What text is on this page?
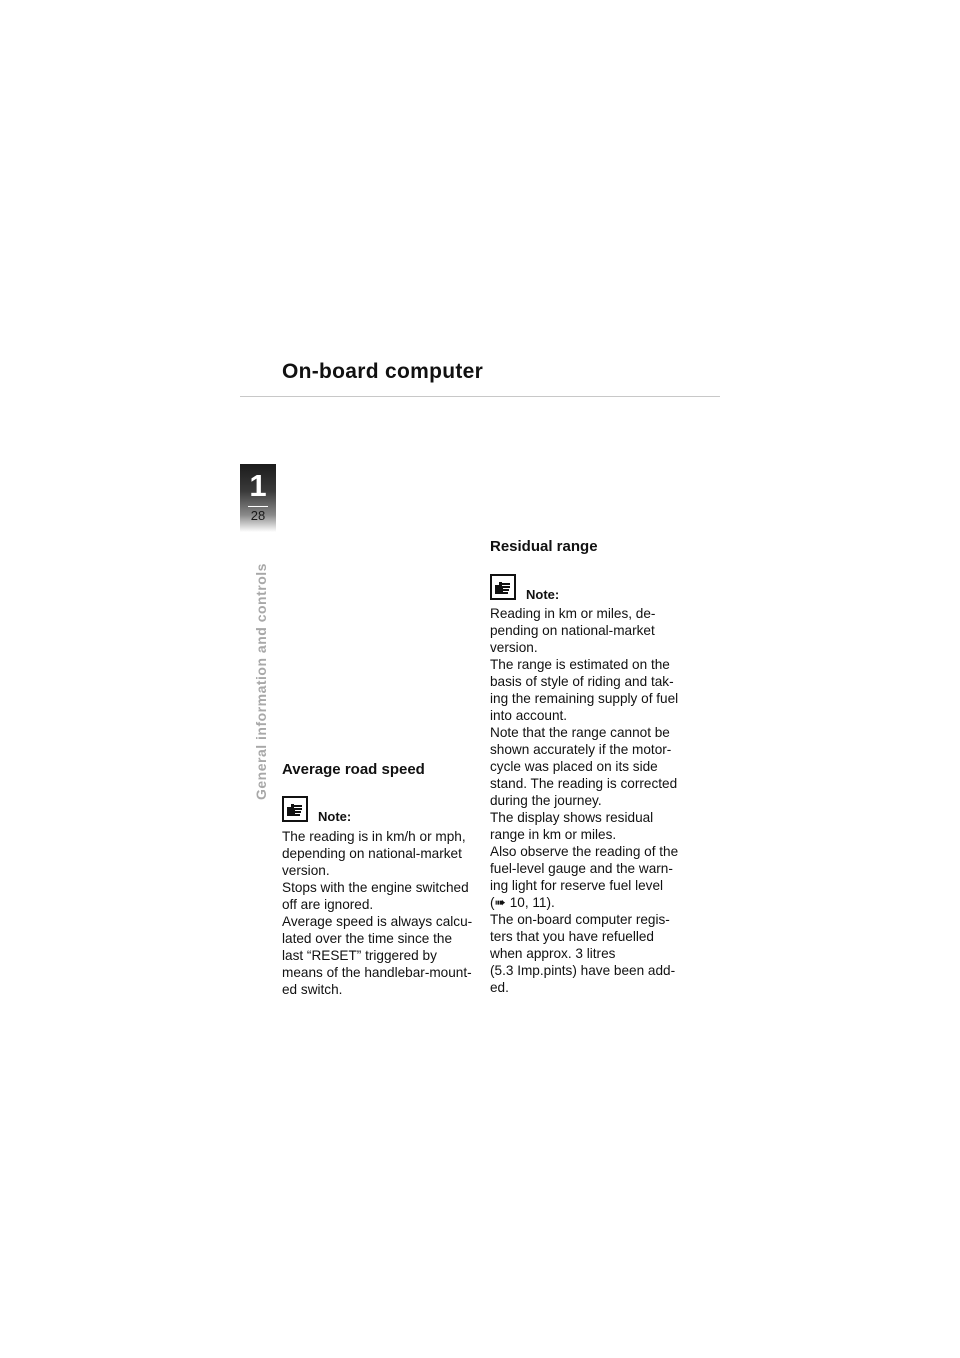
On-board computer
1
28
General information and controls Average road speed
Note:

The reading is in km/h or mph,
depending on national-market
version.
Stops with the engine switched
off are ignored.
Average speed is always calcu-
lated over the time since the
last “RESET” triggered by
means of the handlebar-mount-
ed switch.

Residual range
Note:

Reading in km or miles, de-
pending on national-market
version.
The range is estimated on the
basis of style of riding and tak-
ing the remaining supply of fuel
into account.
Note that the range cannot be
shown accurately if the motor-
cycle was placed on its side
stand. The reading is corrected
during the journey.
The display shows residual
range in km or miles.
Also observe the reading of the
fuel-level gauge and the warn-
ing light for reserve fuel level
(➠ 10, 11).
The on-board computer regis-
ters that you have refuelled
when approx. 3 litres
(5.3 Imp.pints) have been add-
ed.
